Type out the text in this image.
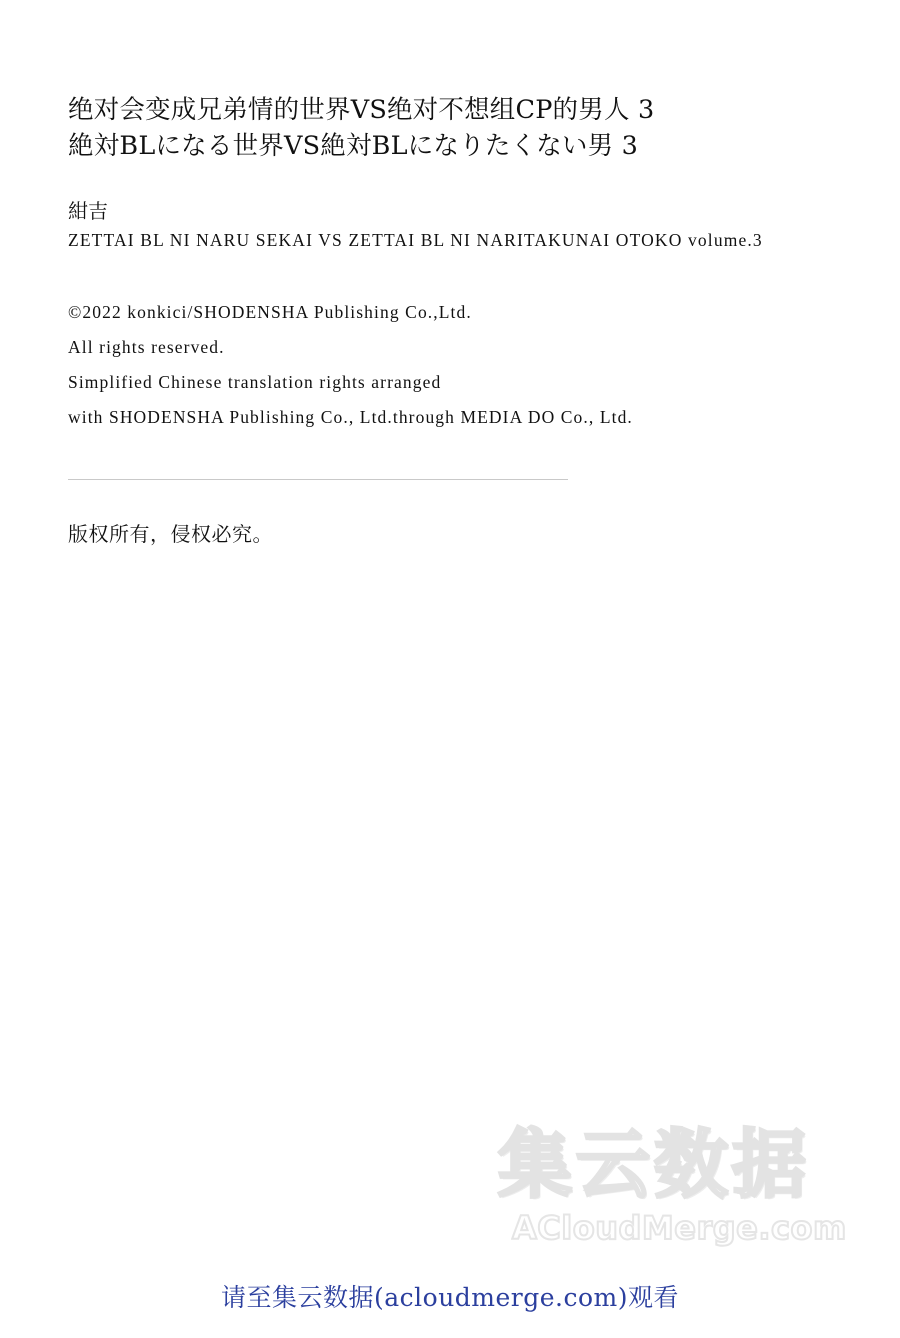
绝对会变成兄弟情的世界VS绝对不想组CP的男人 3
絶対BLになる世界VS絶対BLになりたくない男 3
紺吉
ZETTAI BL NI NARU SEKAI VS ZETTAI BL NI NARITAKUNAI OTOKO volume.3
©2022 konkici/SHODENSHA Publishing Co.,Ltd.
All rights reserved.
Simplified Chinese translation rights arranged
with SHODENSHA Publishing Co., Ltd.through MEDIA DO Co., Ltd.
版权所有，侵权必究。
集云数据
ACloudMerge.com
请至集云数据(acloudmerge.com)观看
